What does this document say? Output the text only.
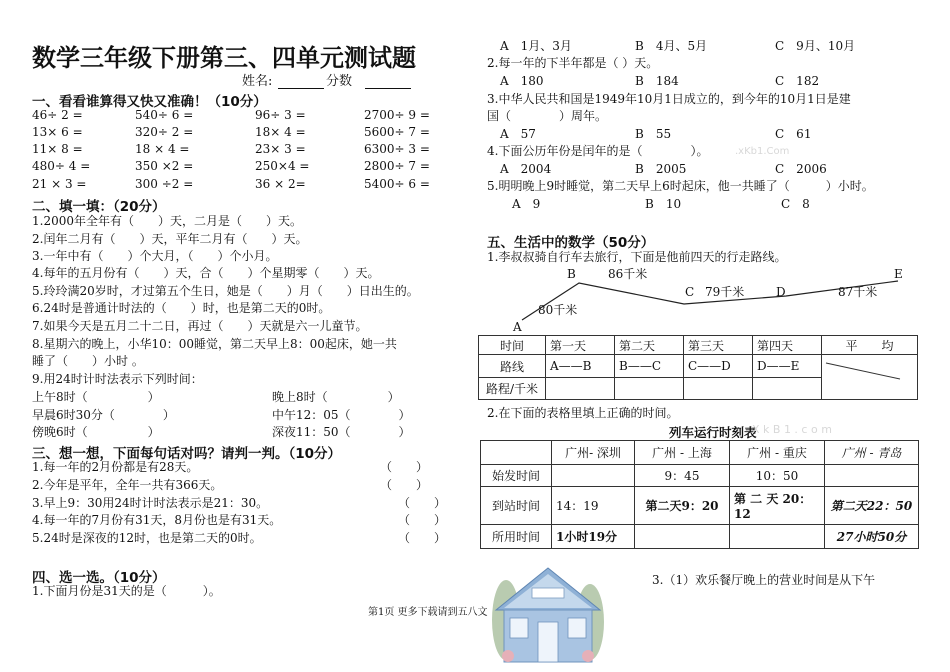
数学三年级下册第三、四单元测试题
姓名:	分数
一、看看谁算得又快又准确！（10分）
46÷ 2 =	540÷ 6 =	96÷ 3 =	2700÷ 9 =
13× 6 =	320÷ 2 =	18× 4 =	5600÷ 7 =
11× 8 =	18 × 4 =	23× 3 =	6300÷ 3 =
480÷ 4 =	350 ×2 =	250×4 =	2800÷ 7 =
21 × 3 =	300 ÷2 =	36 × 2=	5400÷ 6 =
二、填一填：（20分）
1.2000年全年有（　　）天，二月是（　　）天。
2.闰年二月有（　　）天，平年二月有（　　）天。
3.一年中有（　　）个大月，（　　）个小月。
4.每年的五月份有（　　）天，合（　　）个星期零（　　）天。
5.玲玲满20岁时，才过第五个生日，她是（　　）月（　　）日出生的。
6.24时是普通计时法的（　　）时，也是第二天的0时。
7.如果今天是五月二十二日，再过（　　）天就是六一儿童节。
8.星期六的晚上，小华10：00睡觉，第二天早上8：00起床，她一共
睡了（　　）小时 。
9.用24时计时法表示下列时间：
上午8时（　　　　　）	晚上8时（　　　　　）
早晨6时30分（　　　　）	中午12：05（　　　　）
傍晚6时（　　　　　）	深夜11：50（　　　　）
三、想一想，下面每句话对吗？请判一判。（10分）
1.每一年的2月份都是有28天。	（　　）
2.今年是平年，全年一共有366天。	（　　）
3.早上9：30用24时计时法表示是21：30。	（　　）
4.每一年的7月份有31天，8月份也是有31天。	（　　）
5.24时是深夜的12时，也是第二天的0时。	（　　）
四、选一选。（10分）
1.下面月份是31天的是（　　　）。
A　1月、3月	B　4月、5月	C　9月、10月
2.每一年的下半年都是（ ）天。
A　180	B　184	C　182
3.中华人民共和国是1949年10月1日成立的，到今年的10月1日是建
国（　　　　）周年。
A　57	B　55	C　61
4.下面公历年份是闰年的是（　　　　）。	.xKb1.Com
A　2004	B　2005	C　2006
5.明明晚上9时睡觉，第二天早上6时起床，他一共睡了（　　　）小时。
A　9	B　10	C　8
五、生活中的数学（50分）
1.李叔叔骑自行车去旅行，下面是他前四天的行走路线。
A
B
C	D
E
80千米
86千米
79千米	87千米
时间	第一天	第二天	第三天	第四天	平　　均
路线	A——B	B——C	C——D	D——E	

路程/千米					
2.在下面的表格里填上正确的时间。
列车运行时刻表
X k B 1 . c o m
	广州- 深圳	广州 - 上海	广州 - 重庆	广州 - 青岛
始发时间		9：45	10：50	
到站时间	14：19	第二天9：20	第 二 天 20：12	第二天22：50
所用时间	1小时19分			27小时50分
3.（1）欢乐餐厅晚上的营业时间是从下午
第1页 更多下载请到五八文
